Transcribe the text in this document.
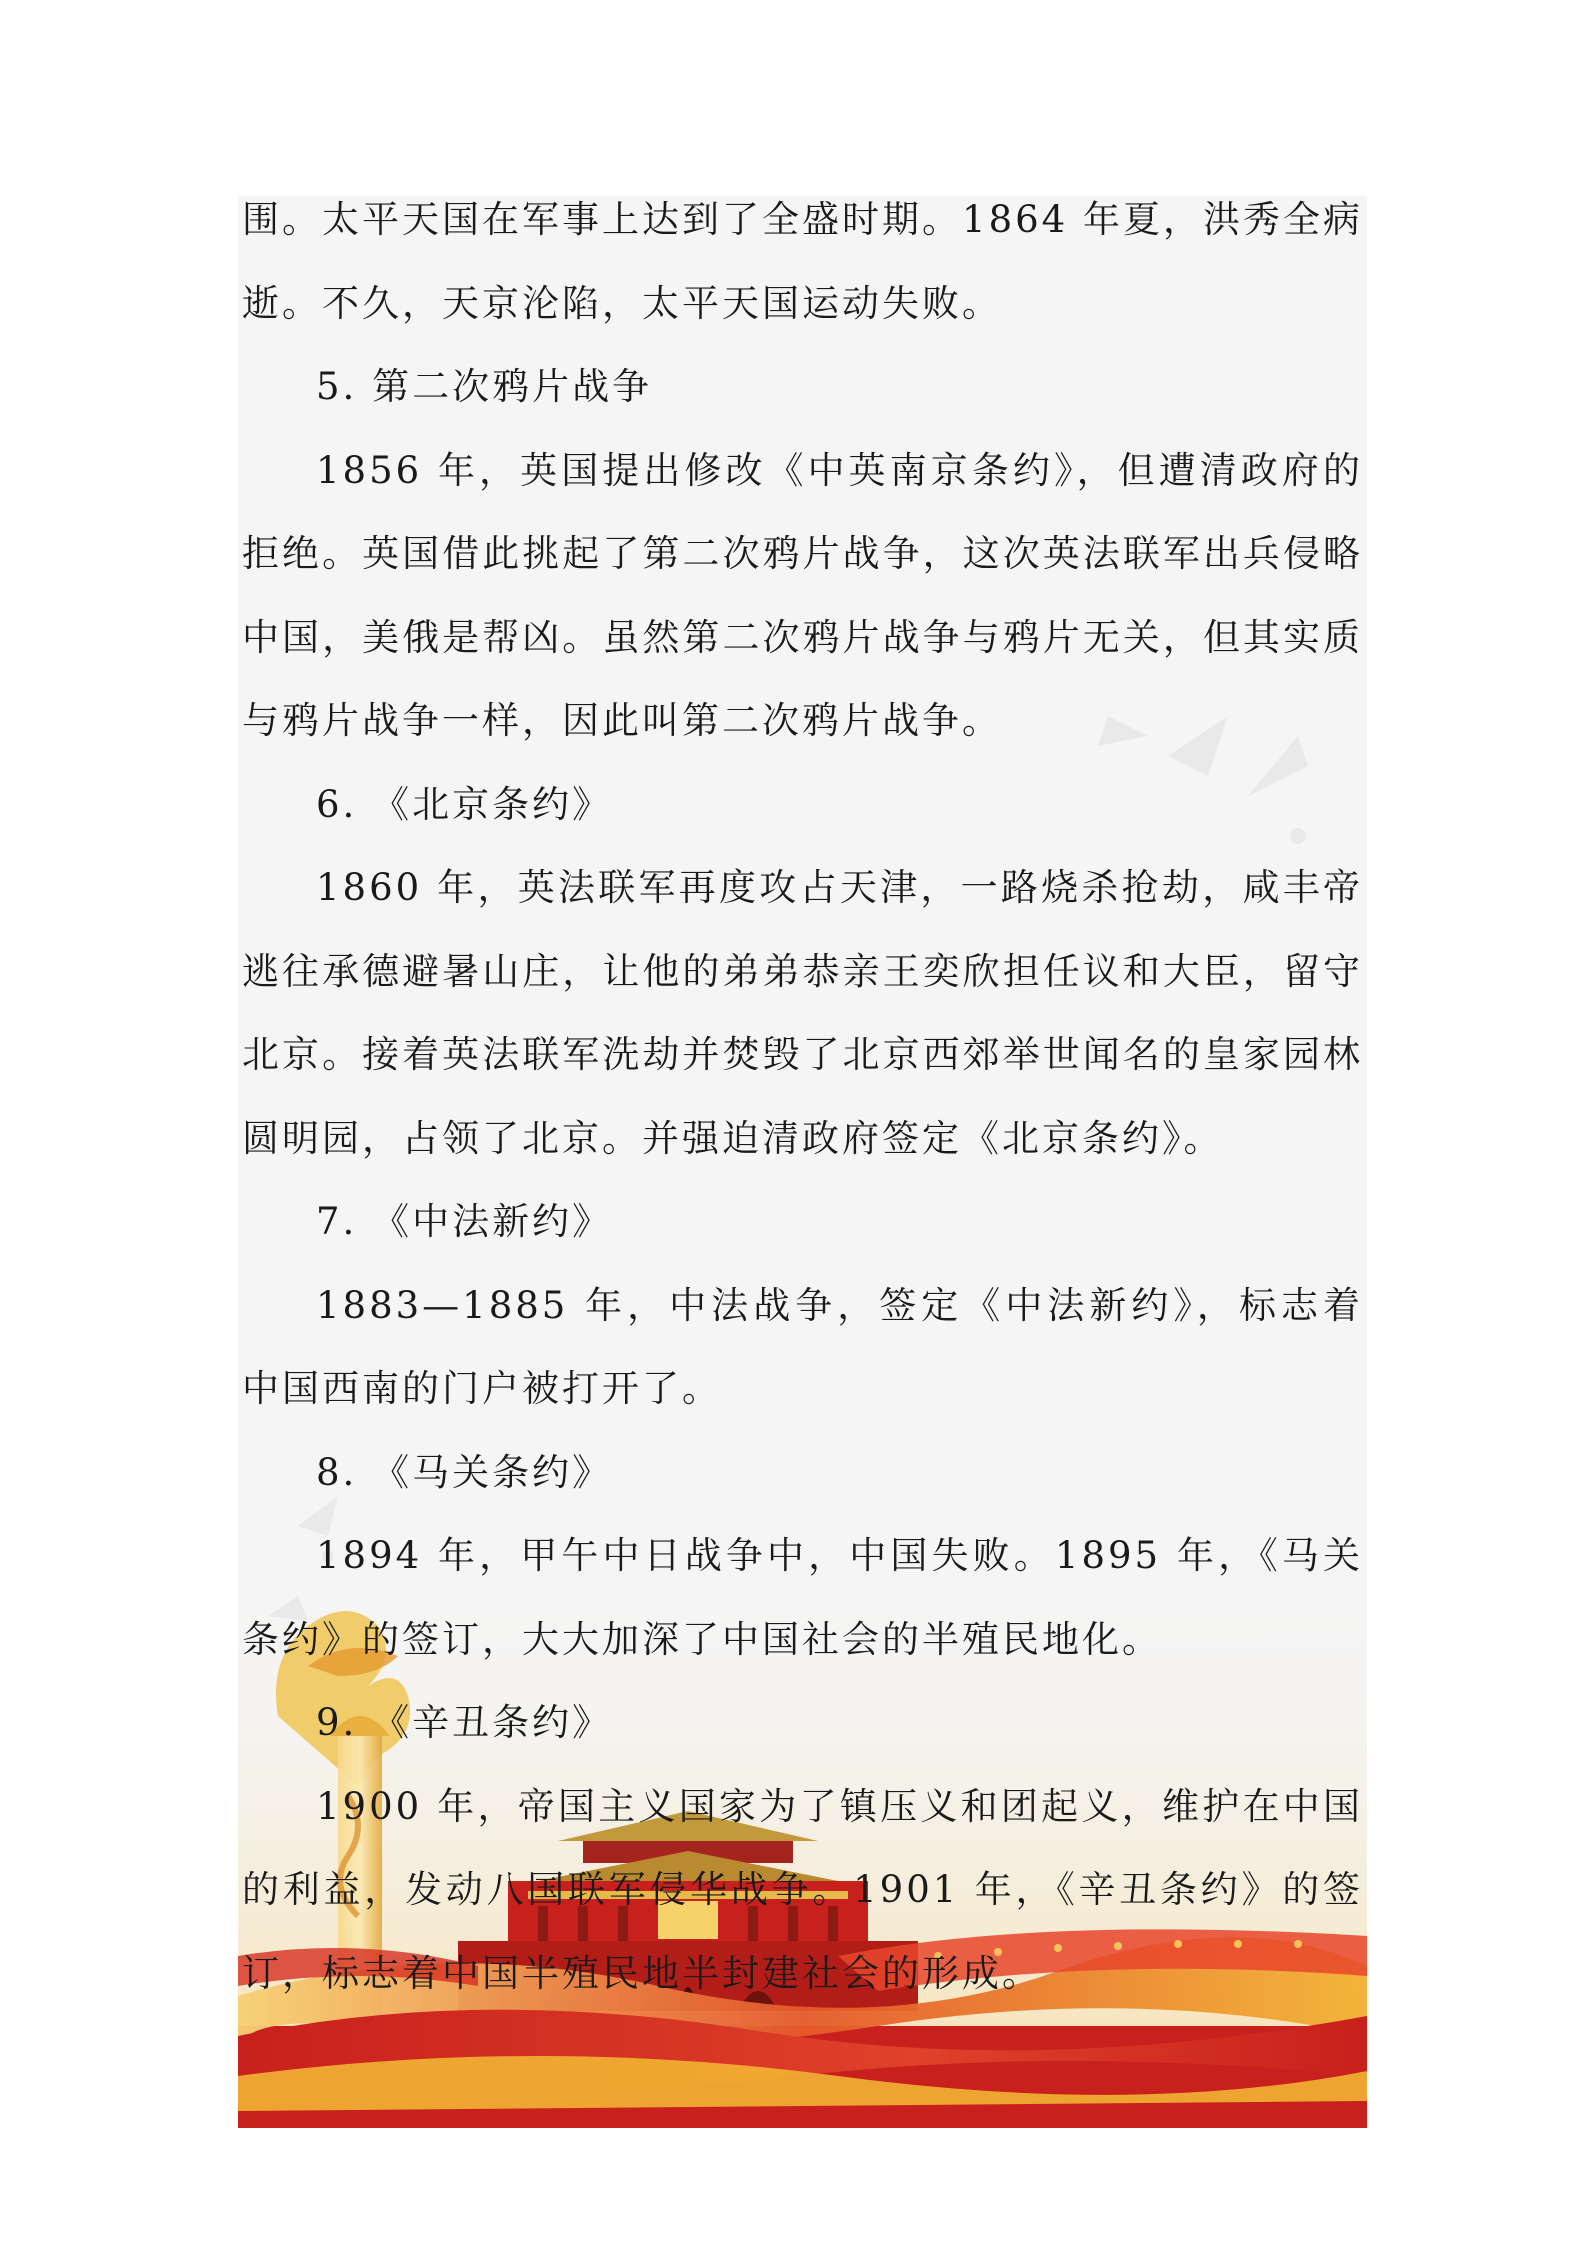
围。太平天国在军事上达到了全盛时期。1864 年夏，洪秀全病逝。不久，天京沦陷，太平天国运动失败。

5. 第二次鸦片战争

1856 年，英国提出修改《中英南京条约》，但遭清政府的拒绝。英国借此挑起了第二次鸦片战争，这次英法联军出兵侵略中国，美俄是帮凶。虽然第二次鸦片战争与鸦片无关，但其实质与鸦片战争一样，因此叫第二次鸦片战争。

6. 《北京条约》

1860 年，英法联军再度攻占天津，一路烧杀抢劫，咸丰帝逃往承德避暑山庄，让他的弟弟恭亲王奕欣担任议和大臣，留守北京。接着英法联军洗劫并焚毁了北京西郊举世闻名的皇家园林圆明园，占领了北京。并强迫清政府签定《北京条约》。

7. 《中法新约》

1883—1885 年，中法战争，签定《中法新约》，标志着中国西南的门户被打开了。

8. 《马关条约》

1894 年，甲午中日战争中，中国失败。1895 年，《马关条约》的签订，大大加深了中国社会的半殖民地化。

9. 《辛丑条约》

1900 年，帝国主义国家为了镇压义和团起义，维护在中国的利益，发动八国联军侵华战争。1901 年，《辛丑条约》的签订，标志着中国半殖民地半封建社会的形成。
